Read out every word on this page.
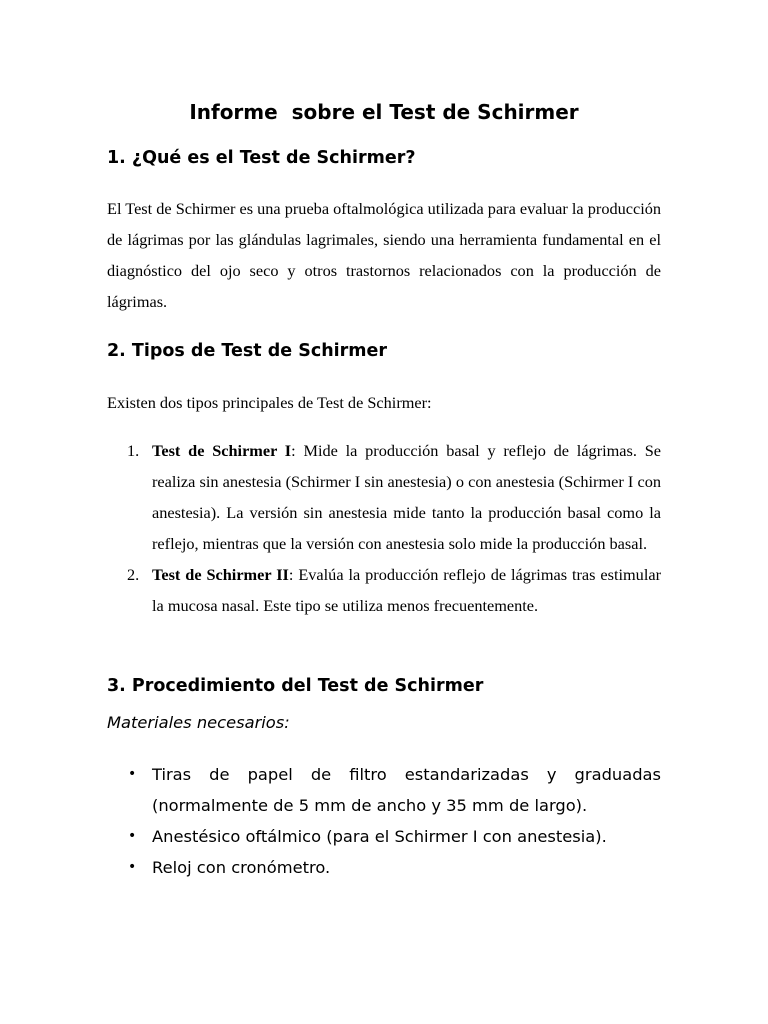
Informe  sobre el Test de Schirmer
1. ¿Qué es el Test de Schirmer?

El Test de Schirmer es una prueba oftalmológica utilizada para evaluar la producción de lágrimas por las glándulas lagrimales, siendo una herramienta fundamental en el diagnóstico del ojo seco y otros trastornos relacionados con la producción de lágrimas.

2. Tipos de Test de Schirmer

Existen dos tipos principales de Test de Schirmer:

1. Test de Schirmer I: Mide la producción basal y reflejo de lágrimas. Se realiza sin anestesia (Schirmer I sin anestesia) o con anestesia (Schirmer I con anestesia). La versión sin anestesia mide tanto la producción basal como la reflejo, mientras que la versión con anestesia solo mide la producción basal.
2. Test de Schirmer II: Evalúa la producción reflejo de lágrimas tras estimular la mucosa nasal. Este tipo se utiliza menos frecuentemente.
3. Procedimiento del Test de Schirmer
Materiales necesarios:
• Tiras de papel de filtro estandarizadas y graduadas (normalmente de 5 mm de ancho y 35 mm de largo).
• Anestésico oftálmico (para el Schirmer I con anestesia).
• Reloj con cronómetro.
